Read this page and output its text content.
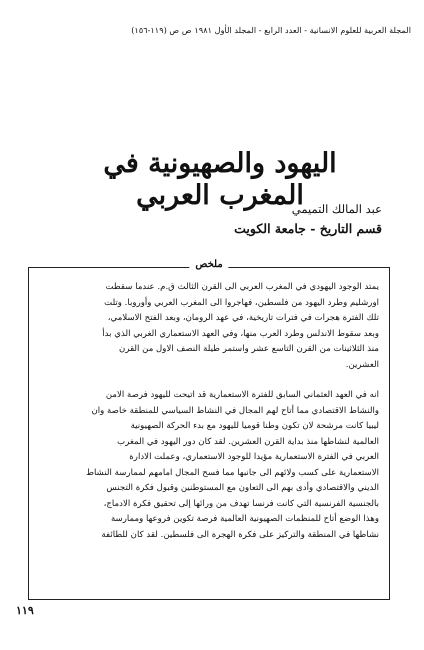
المجلة العربية للعلوم الانسانية - العدد الرابع - المجلد الأول ١٩٨١ ص ص (١١٩-١٥٦)
اليهود والصهيونية في المغرب العربي
عبد المالك التميمي
قسم التاريخ - جامعة الكويت
ملخص
يمتد الوجود اليهودي في المغرب العربي الى القرن الثالث ق.م. عندما سقطت
اورشليم وطرد اليهود من فلسطين، فهاجروا الى المغرب العربي وأوروبا. وتلت
تلك الفترة هجرات في فترات تاريخية، في عهد الرومان، وبعد الفتح الاسلامي،
وبعد سقوط الاندلس وطرد العرب منها، وفي العهد الاستعماري الغربي الذي بدأ
منذ الثلاثينات من القرن التاسع عشر واستمر طيلة النصف الاول من القرن
العشرين.
انه في العهد العثماني السابق للفترة الاستعمارية قد اتيحت لليهود فرصة الامن
والنشاط الاقتصادي مما أتاح لهم المجال في النشاط السياسي للمنطقة خاصة وان
ليبيا كانت مرشحة لان تكون وطنا قوميا لليهود مع بدء الحركة الصهيونية
العالمية لنشاطها منذ بداية القرن العشرين. لقد كان دور اليهود في المغرب
العربي في الفترة الاستعمارية مؤيدا للوجود الاستعماري، وعملت الادارة
الاستعمارية على كسب ولائهم الى جانبها مما فسح المجال امامهم لممارسة النشاط
الديني والاقتصادي وأدى بهم الى التعاون مع المستوطنين وقبول فكرة التجنس
بالجنسية الفرنسية التي كانت فرنسا تهدف من ورائها إلى تحقيق فكرة الادماج،
وهذا الوضع أتاح للمنظمات الصهيونية العالمية فرصة تكوين فروعها وممارسة
نشاطها في المنطقة والتركيز على فكرة الهجرة الى فلسطين. لقد كان للطائفة
١١٩
